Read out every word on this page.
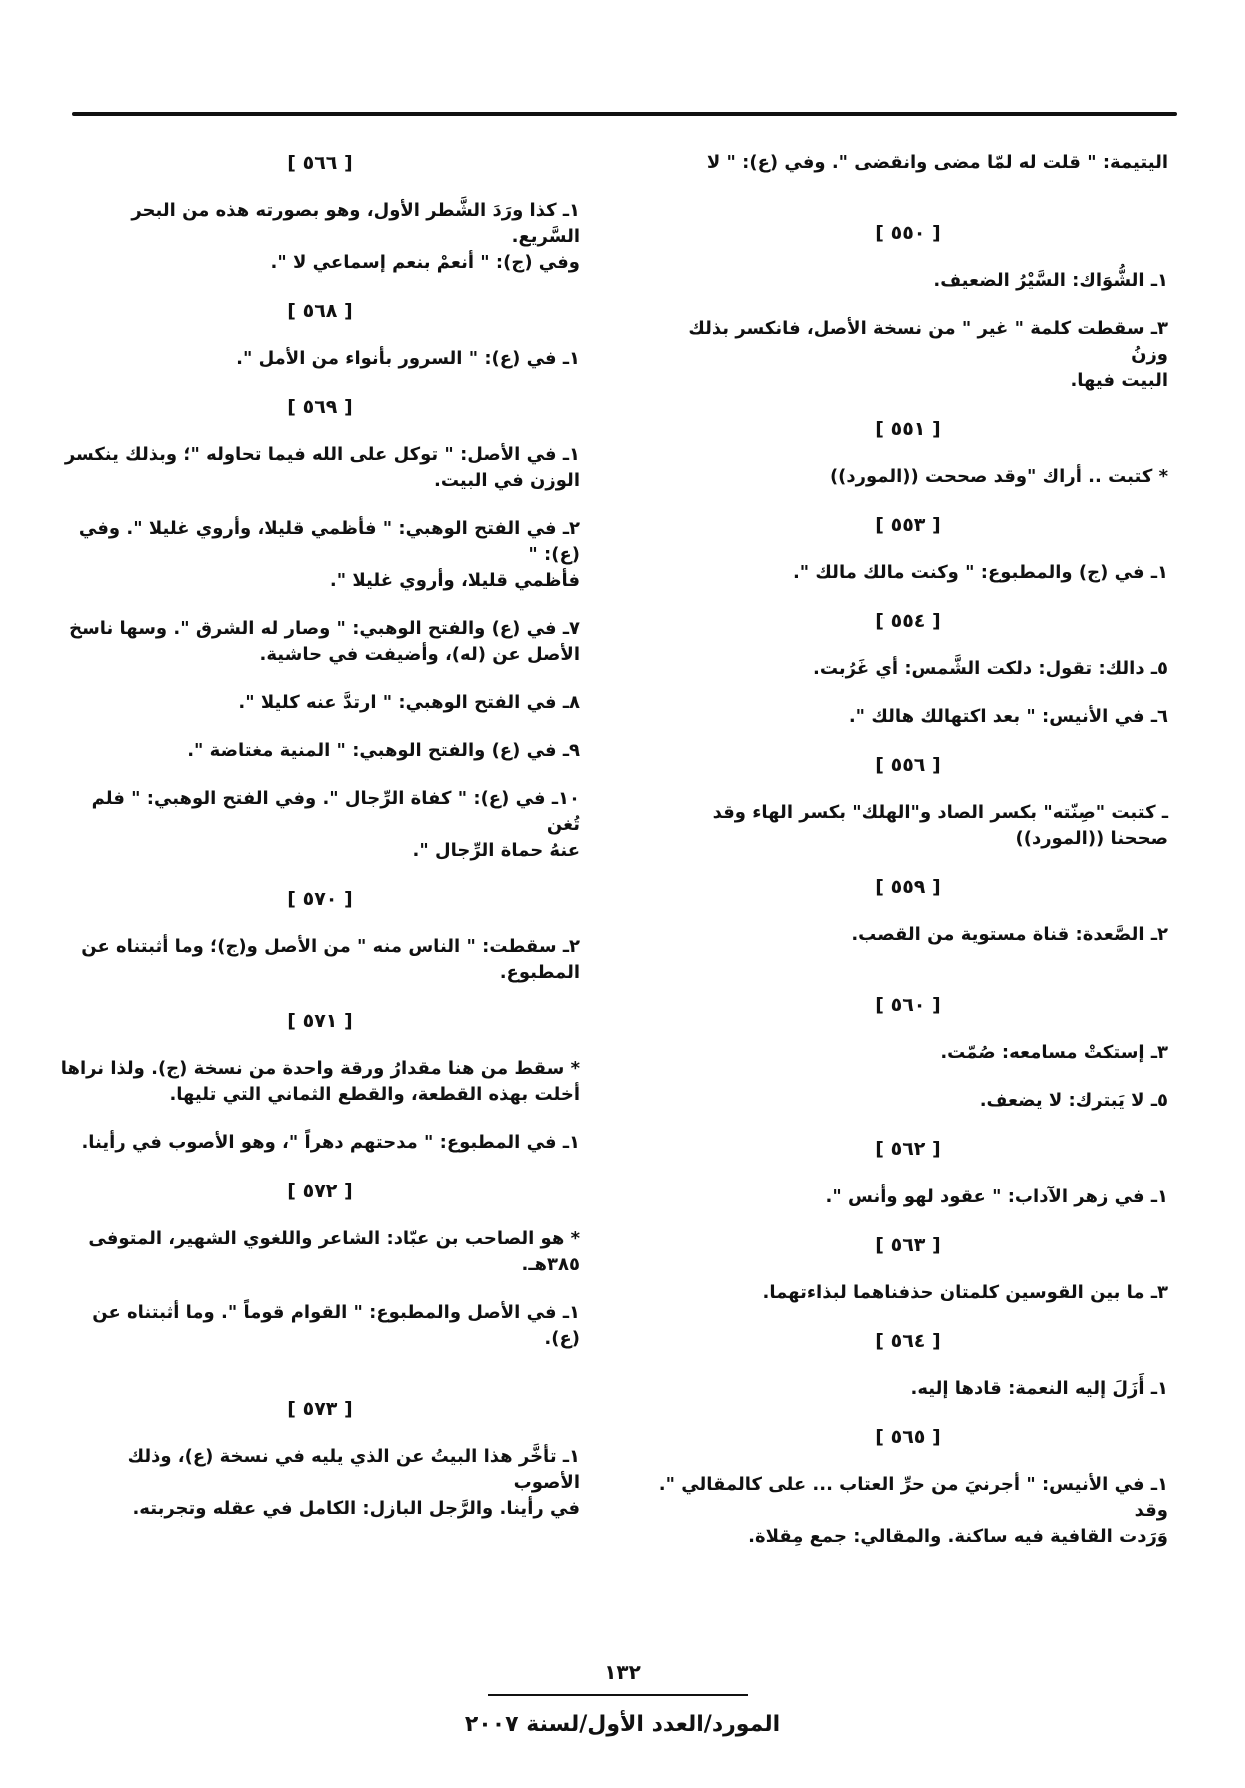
اليتيمة: " قلت له لمّا مضى وانقضى ". وفي (ع): " لا
[ ٥٥٠ ]
١ـ الشُّوَاك: السَّيْرُ الضعيف.
٣ـ سقطت كلمة " غير " من نسخة الأصل، فانكسر بذلك وزنُ
البيت فيها.
[ ٥٥١ ]
* كتبت .. أراك "وقد صححت ((المورد))
[ ٥٥٣ ]
١ـ في (ج) والمطبوع: " وكنت مالك مالك ".
[ ٥٥٤ ]
٥ـ دالك: تقول: دلكت الشَّمس: أي غَرُبت.
٦ـ في الأنيس: " بعد اكتهالك هالك ".
[ ٥٥٦ ]
ـ كتبت "صِنّته" بكسر الصاد و"الهلك" بكسر الهاء وقد
صححنا ((المورد))
[ ٥٥٩ ]
٢ـ الصَّعدة: قناة مستوية من القصب.
[ ٥٦٠ ]
٣ـ إستكتْ مسامعه: صُمّت.
٥ـ لا يَبترك: لا يضعف.
[ ٥٦٢ ]
١ـ في زهر الآداب: " عقود لهو وأنس ".
[ ٥٦٣ ]
٣ـ ما بين القوسين كلمتان حذفناهما لبذاءتهما.
[ ٥٦٤ ]
١ـ أَزَلَ إليه النعمة: قادها إليه.
[ ٥٦٥ ]
١ـ في الأنيس: " أجرنيَ من حرِّ العتاب ... على كالمقالي ". وقد
وَرَدت القافية فيه ساكنة. والمقالي: جمع مِقلاة.
[ ٥٦٦ ]
١ـ كذا ورَدَ الشَّطر الأول، وهو بصورته هذه من البحر السَّريع.
وفي (ج): " أنعمْ بنعم إسماعي لا ".
[ ٥٦٨ ]
١ـ في (ع): " السرور بأنواء من الأمل ".
[ ٥٦٩ ]
١ـ في الأصل: " توكل على الله فيما تحاوله "؛ وبذلك ينكسر
الوزن في البيت.
٢ـ في الفتح الوهبي: " فأظمي قليلا، وأروي غليلا ". وفي (ع): "
فأظمي قليلا، وأروي غليلا ".
٧ـ في (ع) والفتح الوهبي: " وصار له الشرق ". وسها ناسخ
الأصل عن (له)، وأضيفت في حاشية.
٨ـ في الفتح الوهبي: " ارتدَّ عنه كليلا ".
٩ـ في (ع) والفتح الوهبي: " المنية مغتاضة ".
١٠ـ في (ع): " كفاة الرِّجال ". وفي الفتح الوهبي: " فلم تُغن
عنهُ حماة الرِّجال ".
[ ٥٧٠ ]
٢ـ سقطت: " الناس منه " من الأصل و(ج)؛ وما أثبتناه عن
المطبوع.
[ ٥٧١ ]
* سقط من هنا مقدارُ ورقة واحدة من نسخة (ج). ولذا نراها
أخلت بهذه القطعة، والقطع الثماني التي تليها.
١ـ في المطبوع: " مدحتهم دهراً "، وهو الأصوب في رأينا.
[ ٥٧٢ ]
* هو الصاحب بن عبّاد: الشاعر واللغوي الشهير، المتوفى
٣٨٥هـ.
١ـ في الأصل والمطبوع: " القوام قوماً ". وما أثبتناه عن (ع).
[ ٥٧٣ ]
١ـ تأخَّر هذا البيتُ عن الذي يليه في نسخة (ع)، وذلك الأصوب
في رأينا. والرَّجل البازل: الكامل في عقله وتجربته.
١٣٢
المورد/العدد الأول/لسنة ٢٠٠٧
